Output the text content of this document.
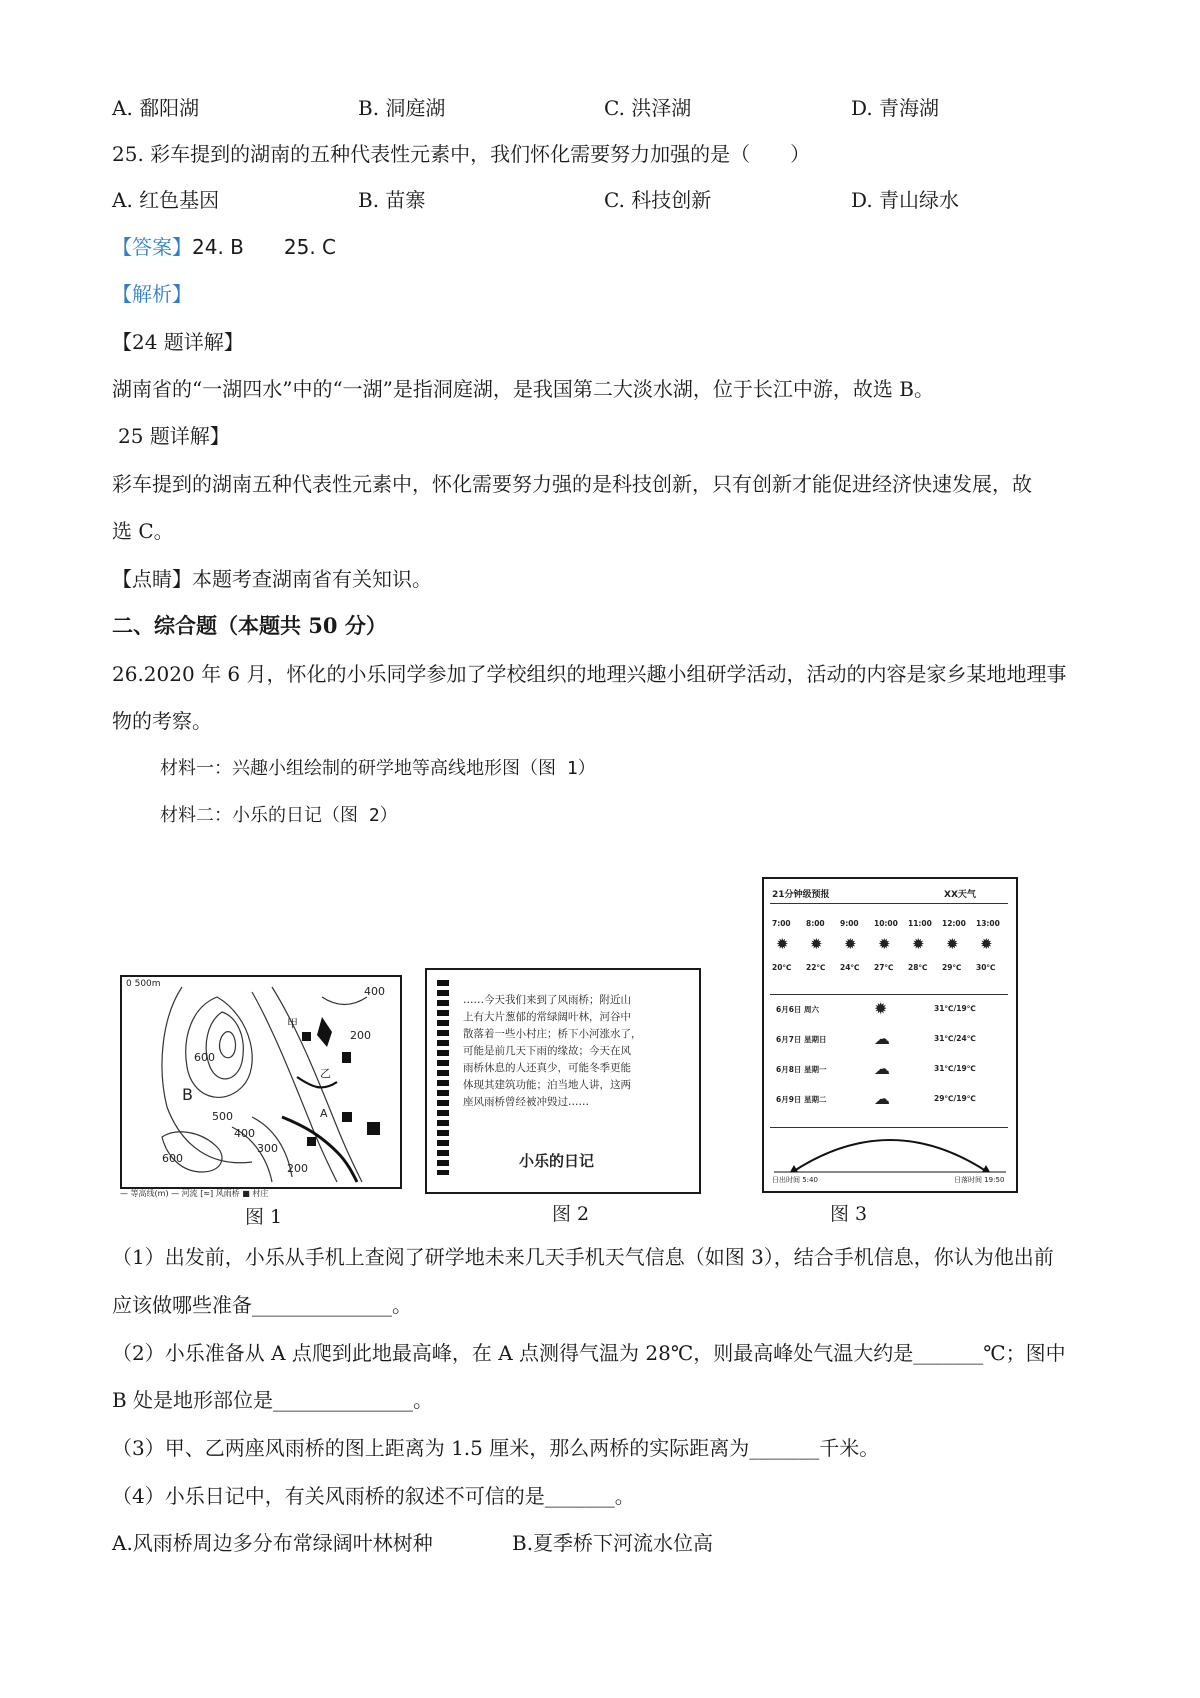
A. 鄱阳湖	B. 洞庭湖	C. 洪泽湖	D. 青海湖
25. 彩车提到的湖南的五种代表性元素中，我们怀化需要努力加强的是（　　）
A. 红色基因	B. 苗寨	C. 科技创新	D. 青山绿水
【答案】24. B　　25. C
【解析】
【24 题详解】
湖南省的“一湖四水”中的“一湖”是指洞庭湖，是我国第二大淡水湖，位于长江中游，故选 B。
25 题详解】
彩车提到的湖南五种代表性元素中，怀化需要努力强的是科技创新，只有创新才能促进经济快速发展，故
选 C。
【点睛】本题考查湖南省有关知识。
二、综合题（本题共 50 分）
26.2020 年 6 月，怀化的小乐同学参加了学校组织的地理兴趣小组研学活动，活动的内容是家乡某地地理事
物的考察。
材料一：兴趣小组绘制的研学地等高线地形图（图 1）
材料二：小乐的日记（图 2）
0 500m
400
200
600
500
400
300
200
600
A
B
甲
乙
— 等高线(m) — 河流 [≈] 风雨桥 ■ 村庄
图 1
……今天我们来到了风雨桥；附近山
上有大片葱郁的常绿阔叶林，河谷中
散落着一些小村庄；桥下小河涨水了，
可能是前几天下雨的缘故；今天在风
雨桥休息的人还真少，可能冬季更能
体现其建筑功能；泊当地人讲，这两
座风雨桥曾经被冲毁过……
小乐的日记
图 2
21分钟级预报	XX天气
7:00
✹
20℃
8:00
✹
22℃
9:00
✹
24℃
10:00
✹
27℃
11:00
✹
28℃
12:00
✹
29℃
13:00
✹
30℃
6月6日 周六	✹	31℃/19℃
6月7日 星期日	☁	31℃/24℃
6月8日 星期一	☁	31℃/19℃
6月9日 星期二	☁	29℃/19℃
日出时间 5:40	日落时间 19:50
图 3
（1）出发前，小乐从手机上查阅了研学地未来几天手机天气信息（如图 3），结合手机信息，你认为他出前
应该做哪些准备______________。
（2）小乐准备从 A 点爬到此地最高峰，在 A 点测得气温为 28℃，则最高峰处气温大约是_______℃；图中
B 处是地形部位是______________。
（3）甲、乙两座风雨桥的图上距离为 1.5 厘米，那么两桥的实际距离为_______千米。
（4）小乐日记中，有关风雨桥的叙述不可信的是_______。
A.风雨桥周边多分布常绿阔叶林树种	B.夏季桥下河流水位高
